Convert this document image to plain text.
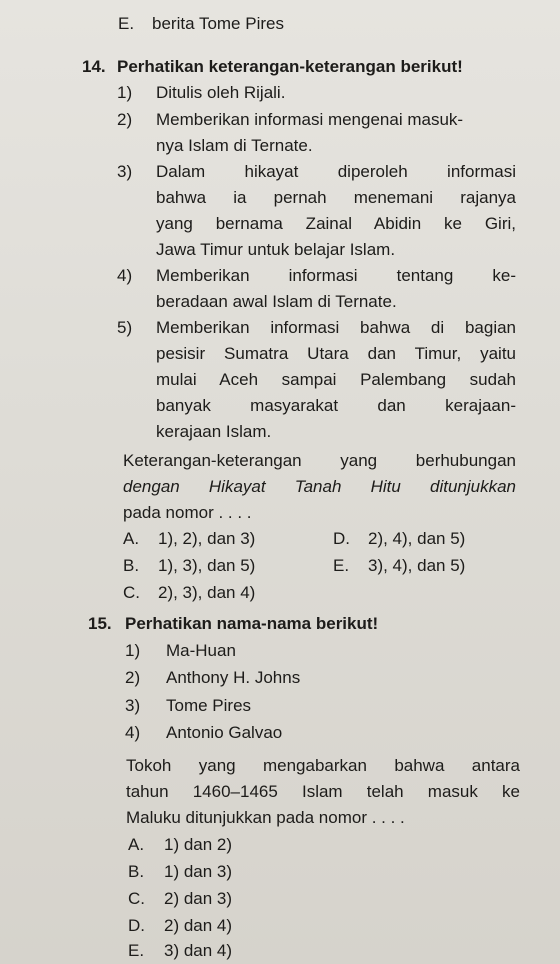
E. berita Tome Pires
14. Perhatikan keterangan-keterangan berikut!
1) Ditulis oleh Rijali.
2) Memberikan informasi mengenai masuk-
nya Islam di Ternate.
3) Dalam hikayat diperoleh informasi
bahwa ia pernah menemani rajanya
yang bernama Zainal Abidin ke Giri,
Jawa Timur untuk belajar Islam.
4) Memberikan informasi tentang ke-
beradaan awal Islam di Ternate.
5) Memberikan informasi bahwa di bagian
pesisir Sumatra Utara dan Timur, yaitu
mulai Aceh sampai Palembang sudah
banyak masyarakat dan kerajaan-
kerajaan Islam.
Keterangan-keterangan yang berhubungan
dengan Hikayat Tanah Hitu ditunjukkan
pada nomor . . . .
A. 1), 2), dan 3)	D. 2), 4), dan 5)
B. 1), 3), dan 5)	E. 3), 4), dan 5)
C. 2), 3), dan 4)
15. Perhatikan nama-nama berikut!
1) Ma-Huan
2) Anthony H. Johns
3) Tome Pires
4) Antonio Galvao
Tokoh yang mengabarkan bahwa antara
tahun 1460–1465 Islam telah masuk ke
Maluku ditunjukkan pada nomor . . . .
A. 1) dan 2)
B. 1) dan 3)
C. 2) dan 3)
D. 2) dan 4)
E. 3) dan 4)
